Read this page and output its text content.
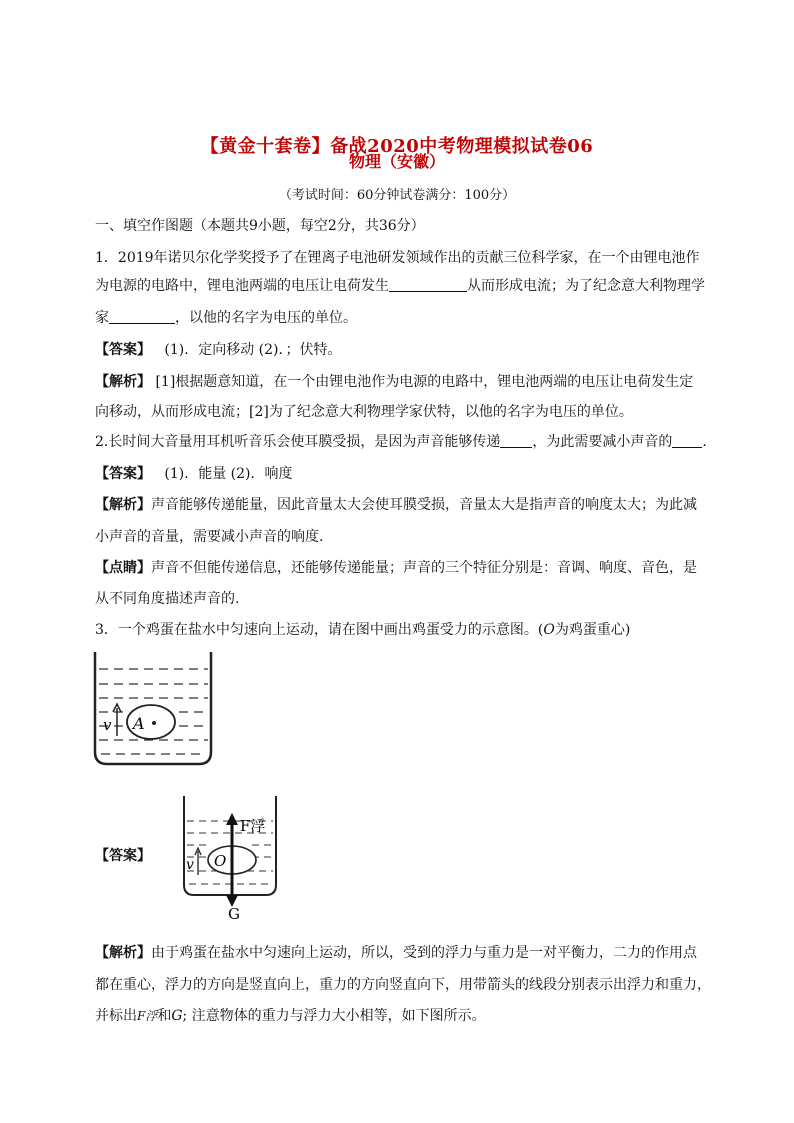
【黄金十套卷】备战2020中考物理模拟试卷06
物理（安徽）
（考试时间：60分钟试卷满分：100分）
一、填空作图题（本题共9小题，每空2分，共36分）
1．2019年诺贝尔化学奖授予了在锂离子电池研发领域作出的贡献三位科学家，在一个由锂电池作
为电源的电路中，锂电池两端的电压让电荷发生	从而形成电流；为了纪念意大利物理学
家	，以他的名字为电压的单位。
【答案】 (1)．定向移动 (2)．；伏特。
【解析】 [1]根据题意知道，在一个由锂电池作为电源的电路中，锂电池两端的电压让电荷发生定
向移动，从而形成电流；[2]为了纪念意大利物理学家伏特，以他的名字为电压的单位。
2.长时间大音量用耳机听音乐会使耳膜受损，是因为声音能够传递 ，为此需要减小声音的 .
【答案】 (1)．能量 (2)．响度
【解析】声音能够传递能量，因此音量太大会使耳膜受损，音量太大是指声音的响度太大；为此减
小声音的音量，需要减小声音的响度.
【点睛】声音不但能传递信息，还能够传递能量；声音的三个特征分别是：音调、响度、音色，是
从不同角度描述声音的.
3．一个鸡蛋在盐水中匀速向上运动，请在图中画出鸡蛋受力的示意图。(O为鸡蛋重心)
A
v
【答案】	O
v
F浮
G
【解析】由于鸡蛋在盐水中匀速向上运动，所以，受到的浮力与重力是一对平衡力，二力的作用点
都在重心，浮力的方向是竖直向上，重力的方向竖直向下，用带箭头的线段分别表示出浮力和重力，
并标出F浮和G; 注意物体的重力与浮力大小相等，如下图所示。
